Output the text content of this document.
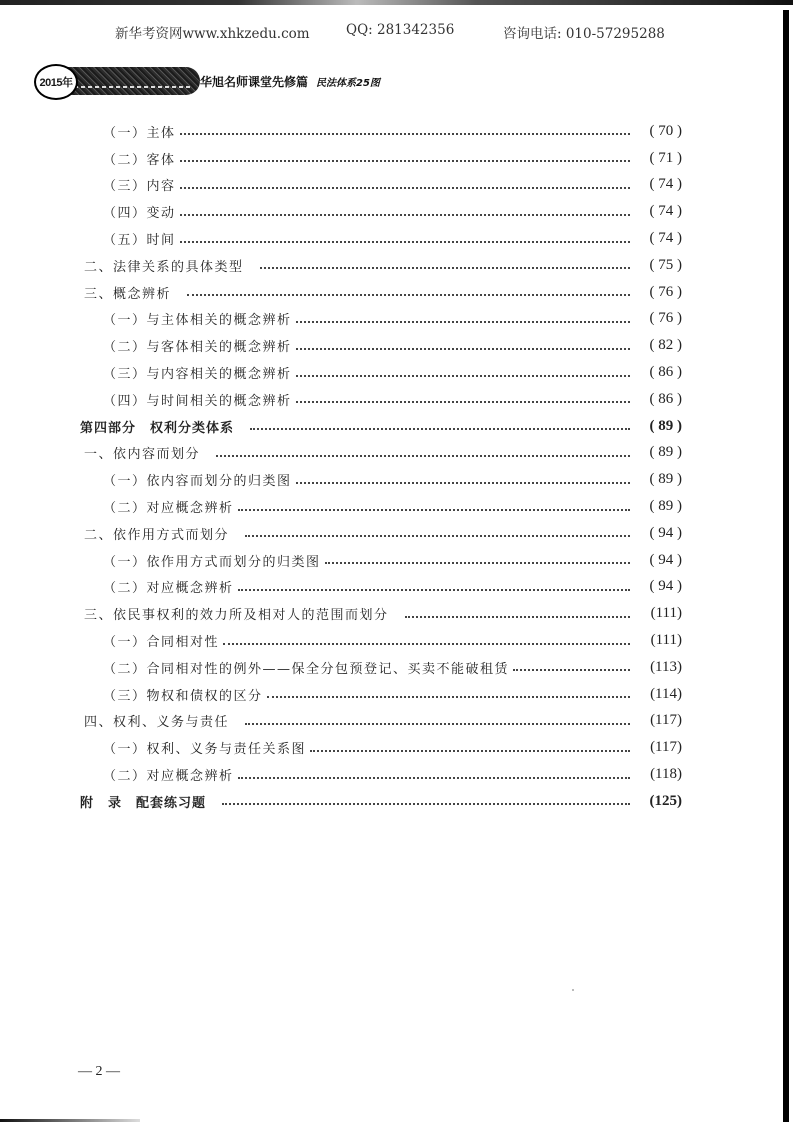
新华考资网www.xhkzedu.com	QQ: 281342356	咨询电话: 010-57295288
2015年	华旭名师课堂先修篇 民法体系25图
（一）主体	( 70 )
（二）客体	( 71 )
（三）内容	( 74 )
（四）变动	( 74 )
（五）时间	( 74 )
二、法律关系的具体类型	( 75 )
三、概念辨析	( 76 )
（一）与主体相关的概念辨析	( 76 )
（二）与客体相关的概念辨析	( 82 )
（三）与内容相关的概念辨析	( 86 )
（四）与时间相关的概念辨析	( 86 )
第四部分　权利分类体系	( 89 )
一、依内容而划分	( 89 )
（一）依内容而划分的归类图	( 89 )
（二）对应概念辨析	( 89 )
二、依作用方式而划分	( 94 )
（一）依作用方式而划分的归类图	( 94 )
（二）对应概念辨析	( 94 )
三、依民事权利的效力所及相对人的范围而划分	(111)
（一）合同相对性	(111)
（二）合同相对性的例外——保全分包预登记、买卖不能破租赁	(113)
（三）物权和债权的区分	(114)
四、权利、义务与责任	(117)
（一）权利、义务与责任关系图	(117)
（二）对应概念辨析	(118)
附　录　配套练习题	(125)
— 2 —
